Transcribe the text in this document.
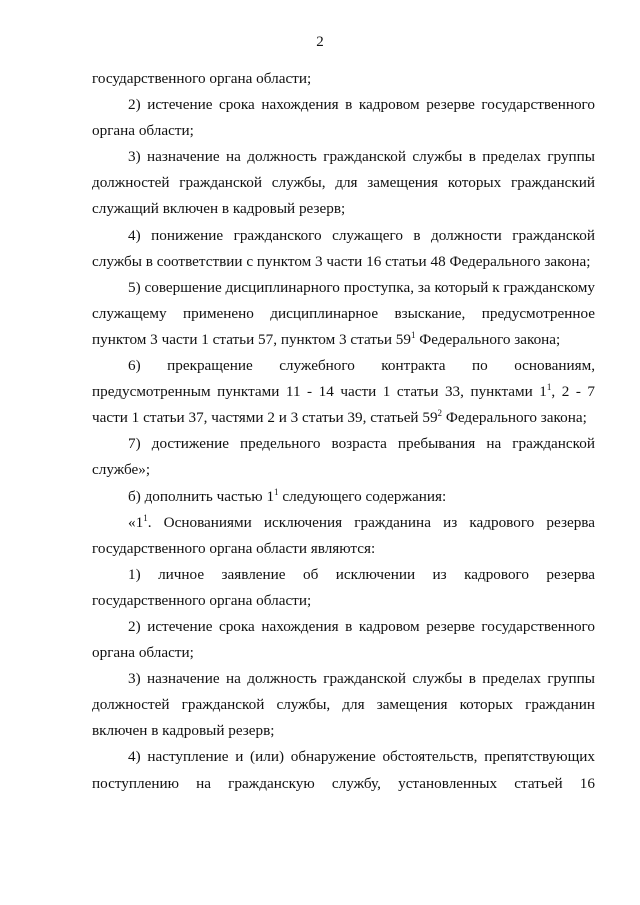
2

государственного органа области;

2) истечение срока нахождения в кадровом резерве государственного органа области;

3) назначение на должность гражданской службы в пределах группы должностей гражданской службы, для замещения которых гражданский служащий включен в кадровый резерв;

4) понижение гражданского служащего в должности гражданской службы в соответствии с пунктом 3 части 16 статьи 48 Федерального закона;

5) совершение дисциплинарного проступка, за который к гражданскому служащему применено дисциплинарное взыскание, предусмотренное пунктом 3 части 1 статьи 57, пунктом 3 статьи $59^1$ Федерального закона;

6) прекращение служебного контракта по основаниям, предусмотренным пунктами 11 - 14 части 1 статьи 33, пунктами $1^1$, 2 - 7 части 1 статьи 37, частями 2 и 3 статьи 39, статьей $59^2$ Федерального закона;

7) достижение предельного возраста пребывания на гражданской службе»;

б) дополнить частью $1^1$ следующего содержания:

«$1^1$. Основаниями исключения гражданина из кадрового резерва государственного органа области являются:

1) личное заявление об исключении из кадрового резерва государственного органа области;

2) истечение срока нахождения в кадровом резерве государственного органа области;

3) назначение на должность гражданской службы в пределах группы должностей гражданской службы, для замещения которых гражданин включен в кадровый резерв;

4) наступление и (или) обнаружение обстоятельств, препятствующих поступлению на гражданскую службу, установленных статьей 16
